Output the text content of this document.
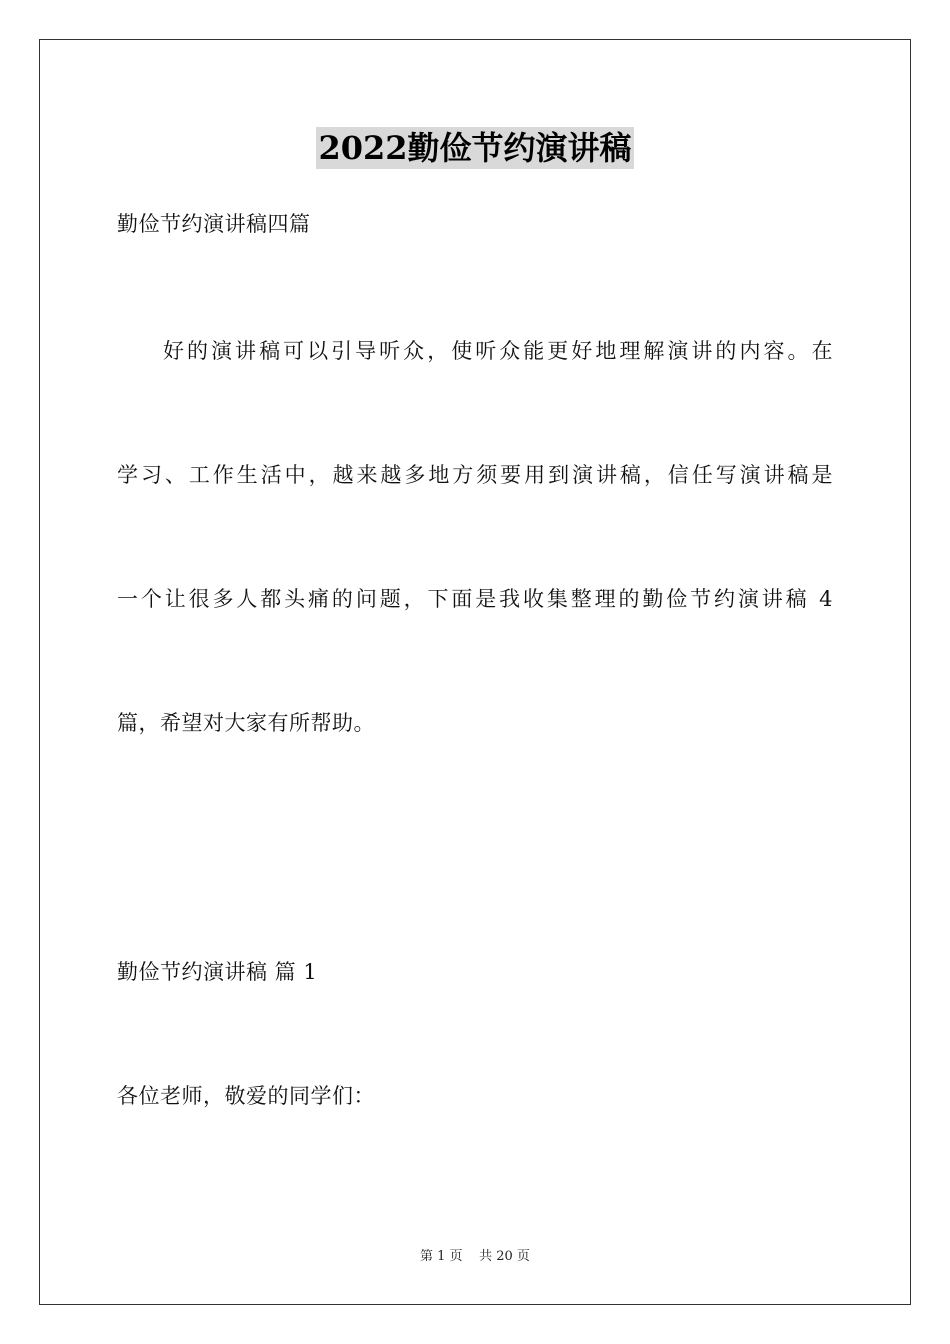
2022勤俭节约演讲稿
勤俭节约演讲稿四篇
好的演讲稿可以引导听众，使听众能更好地理解演讲的内容。在
学习、工作生活中，越来越多地方须要用到演讲稿，信任写演讲稿是
一个让很多人都头痛的问题，下面是我收集整理的勤俭节约演讲稿 4
篇，希望对大家有所帮助。
勤俭节约演讲稿 篇 1
各位老师，敬爱的同学们：
第 1 页 共 20 页
